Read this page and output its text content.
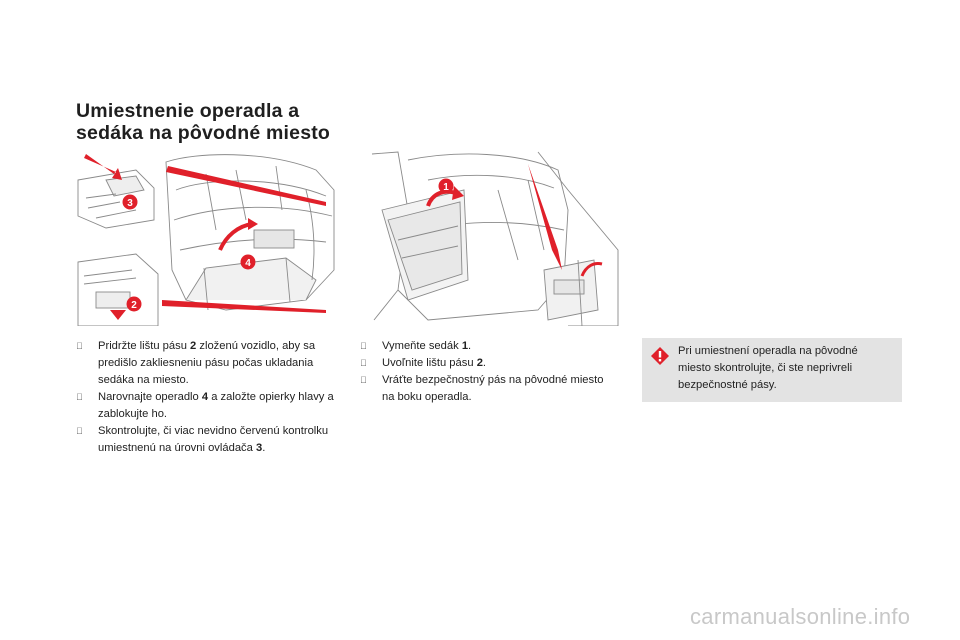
Umiestnenie operadla a
sedáka na pôvodné miesto
3
4
2
1
Pridržte lištu pásu 2 zloženú vozidlo, aby sa predišlo zakliesneniu pásu počas ukladania sedáka na miesto.
Narovnajte operadlo 4 a založte opierky hlavy a zablokujte ho.
Skontrolujte, či viac nevidno červenú kontrolku umiestnenú na úrovni ovládača 3.
Vymeňte sedák 1.
Uvoľnite lištu pásu 2.
Vráťte bezpečnostný pás na pôvodné miesto na boku operadla.
Pri umiestnení operadla na pôvodné miesto skontrolujte, či ste neprivreli bezpečnostné pásy.
carmanualsonline.info
